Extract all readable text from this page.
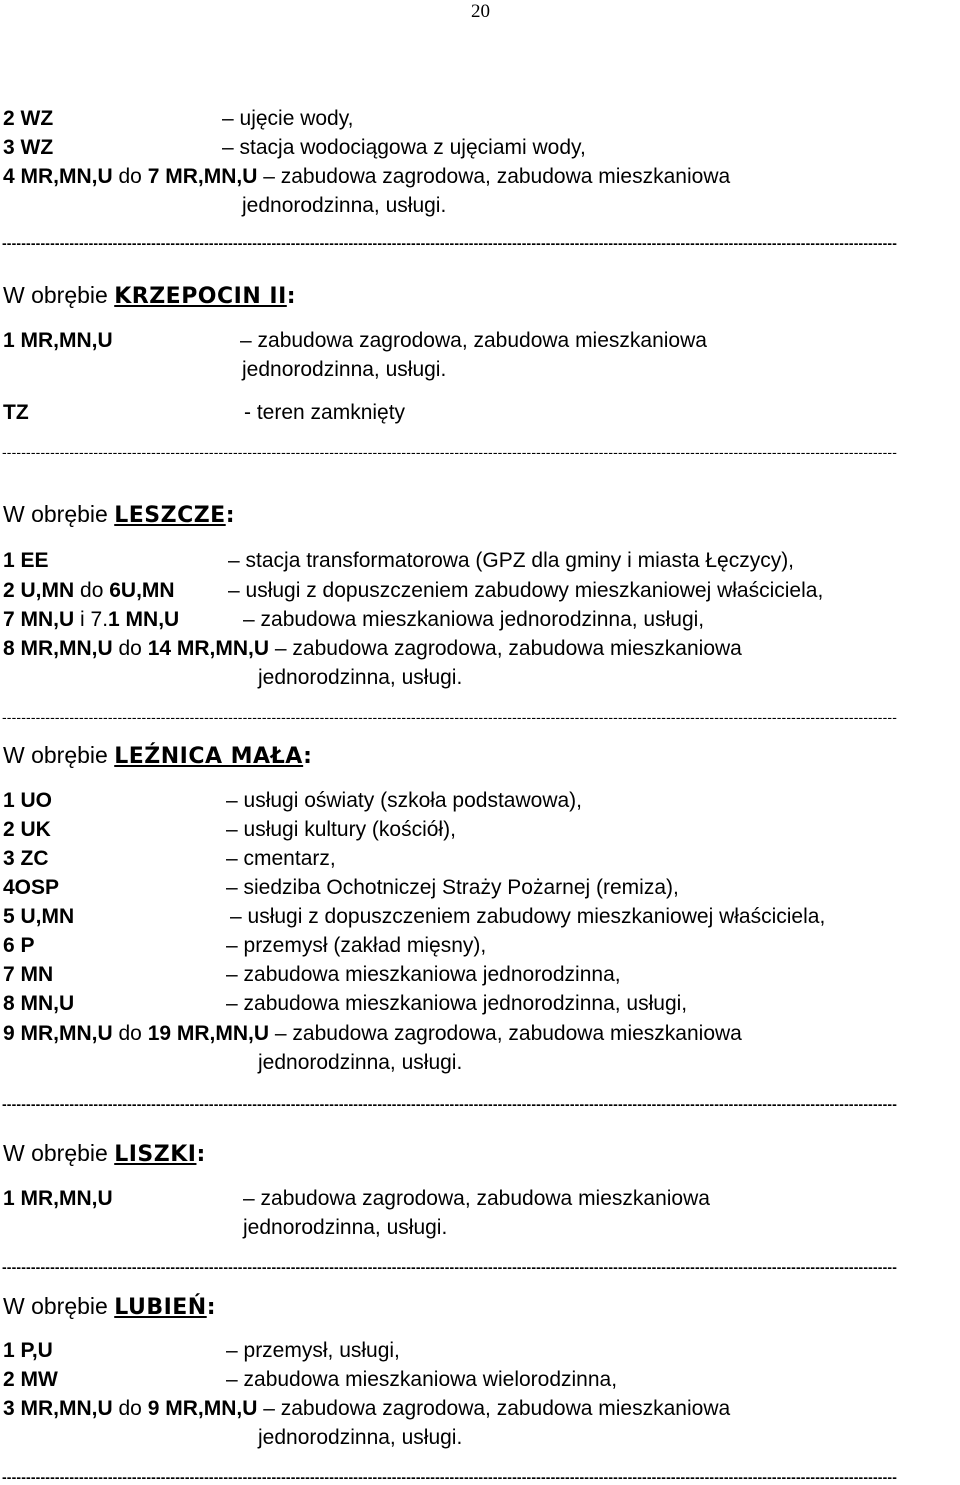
20
2 WZ	– ujęcie wody,
3 WZ	– stacja wodociągowa z ujęciami wody,
4 MR,MN,U do 7 MR,MN,U – zabudowa zagrodowa, zabudowa mieszkaniowa
jednorodzinna, usługi.
------------------------------------------------------------------------------------------------------------------------------------------------------------------------------------------
W obrębie KRZEPOCIN II:
1 MR,MN,U	– zabudowa zagrodowa, zabudowa mieszkaniowa
jednorodzinna, usługi.
TZ	- teren zamknięty
------------------------------------------------------------------------------------------------------------------------------------------------------------------------------------------
W obrębie LESZCZE:
1 EE	– stacja transformatorowa (GPZ dla gminy i miasta Łęczycy),
2 U,MN do 6U,MN	– usługi z dopuszczeniem zabudowy mieszkaniowej właściciela,
7 MN,U i 7.1 MN,U	– zabudowa mieszkaniowa jednorodzinna, usługi,
8 MR,MN,U do 14 MR,MN,U – zabudowa zagrodowa, zabudowa mieszkaniowa
jednorodzinna, usługi.
------------------------------------------------------------------------------------------------------------------------------------------------------------------------------------------
W obrębie LEŹNICA MAŁA:
1 UO	– usługi oświaty (szkoła podstawowa),
2 UK	– usługi kultury (kościół),
3 ZC	– cmentarz,
4OSP	– siedziba Ochotniczej Straży Pożarnej (remiza),
5 U,MN	– usługi z dopuszczeniem zabudowy mieszkaniowej właściciela,
6 P	– przemysł (zakład mięsny),
7 MN	– zabudowa mieszkaniowa jednorodzinna,
8 MN,U	– zabudowa mieszkaniowa jednorodzinna, usługi,
9 MR,MN,U do 19 MR,MN,U – zabudowa zagrodowa, zabudowa mieszkaniowa
jednorodzinna, usługi.
------------------------------------------------------------------------------------------------------------------------------------------------------------------------------------------
W obrębie LISZKI:
1 MR,MN,U	– zabudowa zagrodowa, zabudowa mieszkaniowa
jednorodzinna, usługi.
------------------------------------------------------------------------------------------------------------------------------------------------------------------------------------------
W obrębie LUBIEŃ:
1 P,U	– przemysł, usługi,
2 MW	– zabudowa mieszkaniowa wielorodzinna,
3 MR,MN,U do 9 MR,MN,U – zabudowa zagrodowa, zabudowa mieszkaniowa
jednorodzinna, usługi.
------------------------------------------------------------------------------------------------------------------------------------------------------------------------------------------
